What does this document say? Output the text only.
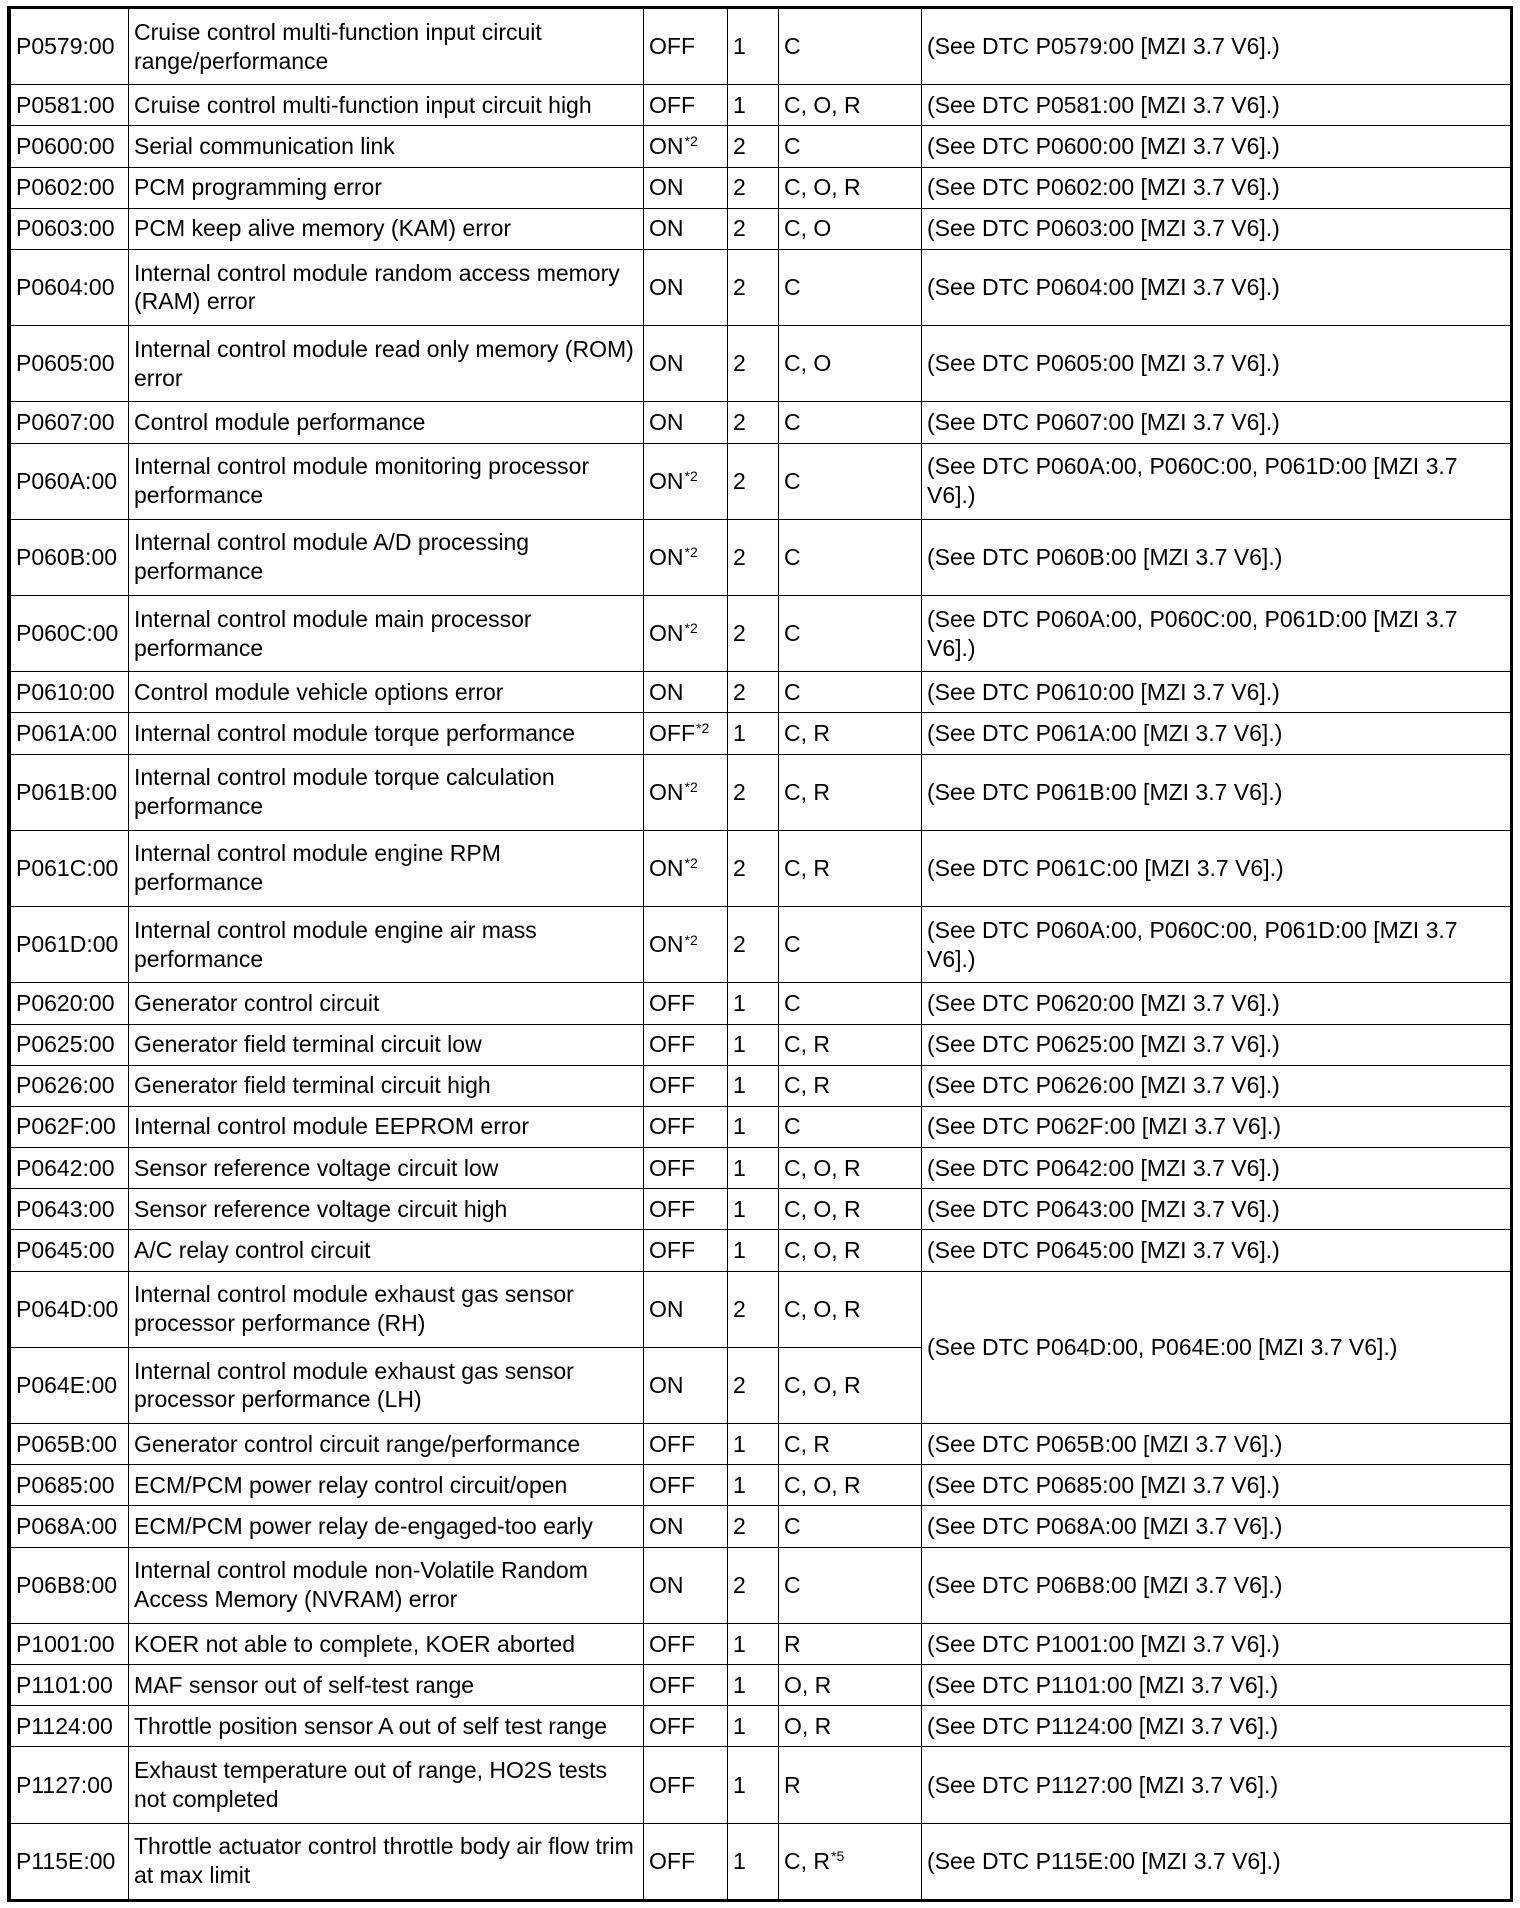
P0579:00	Cruise control multi-function input circuit range/performance	OFF	1	C	(See DTC P0579:00 [MZI 3.7 V6].)
P0581:00	Cruise control multi-function input circuit high	OFF	1	C, O, R	(See DTC P0581:00 [MZI 3.7 V6].)
P0600:00	Serial communication link	ON$^{*2}$	2	C	(See DTC P0600:00 [MZI 3.7 V6].)
P0602:00	PCM programming error	ON	2	C, O, R	(See DTC P0602:00 [MZI 3.7 V6].)
P0603:00	PCM keep alive memory (KAM) error	ON	2	C, O	(See DTC P0603:00 [MZI 3.7 V6].)
P0604:00	Internal control module random access memory (RAM) error	ON	2	C	(See DTC P0604:00 [MZI 3.7 V6].)
P0605:00	Internal control module read only memory (ROM) error	ON	2	C, O	(See DTC P0605:00 [MZI 3.7 V6].)
P0607:00	Control module performance	ON	2	C	(See DTC P0607:00 [MZI 3.7 V6].)
P060A:00	Internal control module monitoring processor performance	ON$^{*2}$	2	C	(See DTC P060A:00, P060C:00, P061D:00 [MZI 3.7 V6].)
P060B:00	Internal control module A/D processing performance	ON$^{*2}$	2	C	(See DTC P060B:00 [MZI 3.7 V6].)
P060C:00	Internal control module main processor performance	ON$^{*2}$	2	C	(See DTC P060A:00, P060C:00, P061D:00 [MZI 3.7 V6].)
P0610:00	Control module vehicle options error	ON	2	C	(See DTC P0610:00 [MZI 3.7 V6].)
P061A:00	Internal control module torque performance	OFF$^{*2}$	1	C, R	(See DTC P061A:00 [MZI 3.7 V6].)
P061B:00	Internal control module torque calculation performance	ON$^{*2}$	2	C, R	(See DTC P061B:00 [MZI 3.7 V6].)
P061C:00	Internal control module engine RPM performance	ON$^{*2}$	2	C, R	(See DTC P061C:00 [MZI 3.7 V6].)
P061D:00	Internal control module engine air mass performance	ON$^{*2}$	2	C	(See DTC P060A:00, P060C:00, P061D:00 [MZI 3.7 V6].)
P0620:00	Generator control circuit	OFF	1	C	(See DTC P0620:00 [MZI 3.7 V6].)
P0625:00	Generator field terminal circuit low	OFF	1	C, R	(See DTC P0625:00 [MZI 3.7 V6].)
P0626:00	Generator field terminal circuit high	OFF	1	C, R	(See DTC P0626:00 [MZI 3.7 V6].)
P062F:00	Internal control module EEPROM error	OFF	1	C	(See DTC P062F:00 [MZI 3.7 V6].)
P0642:00	Sensor reference voltage circuit low	OFF	1	C, O, R	(See DTC P0642:00 [MZI 3.7 V6].)
P0643:00	Sensor reference voltage circuit high	OFF	1	C, O, R	(See DTC P0643:00 [MZI 3.7 V6].)
P0645:00	A/C relay control circuit	OFF	1	C, O, R	(See DTC P0645:00 [MZI 3.7 V6].)
P064D:00	Internal control module exhaust gas sensor processor performance (RH)	ON	2	C, O, R	(See DTC P064D:00, P064E:00 [MZI 3.7 V6].)
P064E:00	Internal control module exhaust gas sensor processor performance (LH)	ON	2	C, O, R	
P065B:00	Generator control circuit range/performance	OFF	1	C, R	(See DTC P065B:00 [MZI 3.7 V6].)
P0685:00	ECM/PCM power relay control circuit/open	OFF	1	C, O, R	(See DTC P0685:00 [MZI 3.7 V6].)
P068A:00	ECM/PCM power relay de-engaged-too early	ON	2	C	(See DTC P068A:00 [MZI 3.7 V6].)
P06B8:00	Internal control module non-Volatile Random Access Memory (NVRAM) error	ON	2	C	(See DTC P06B8:00 [MZI 3.7 V6].)
P1001:00	KOER not able to complete, KOER aborted	OFF	1	R	(See DTC P1001:00 [MZI 3.7 V6].)
P1101:00	MAF sensor out of self-test range	OFF	1	O, R	(See DTC P1101:00 [MZI 3.7 V6].)
P1124:00	Throttle position sensor A out of self test range	OFF	1	O, R	(See DTC P1124:00 [MZI 3.7 V6].)
P1127:00	Exhaust temperature out of range, HO2S tests not completed	OFF	1	R	(See DTC P1127:00 [MZI 3.7 V6].)
P115E:00	Throttle actuator control throttle body air flow trim at max limit	OFF	1	C, R$^{*5}$	(See DTC P115E:00 [MZI 3.7 V6].)
